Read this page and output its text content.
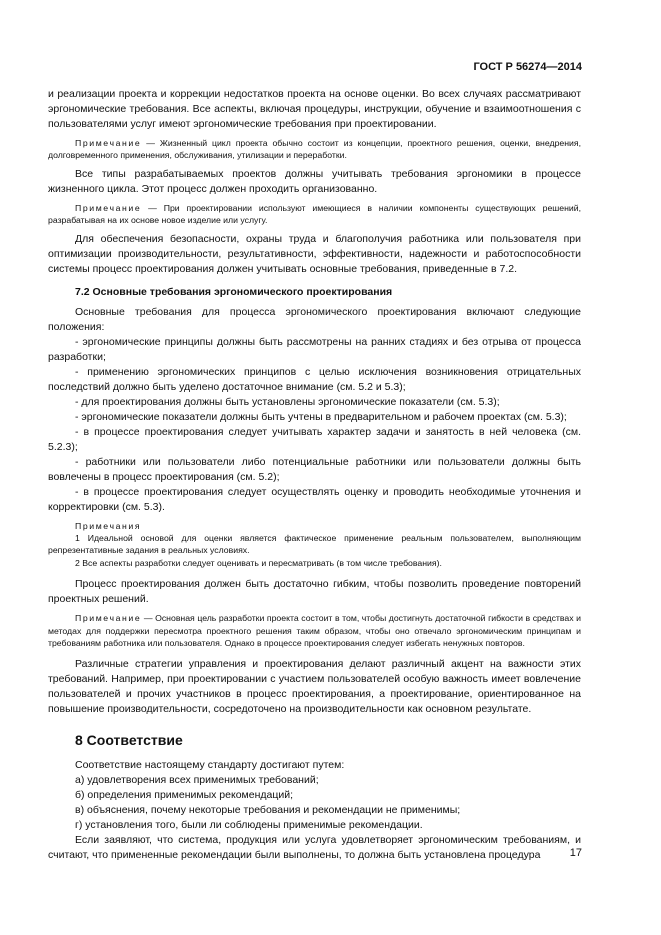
ГОСТ Р 56274—2014

и реализации проекта и коррекции недостатков проекта на основе оценки. Во всех случаях рассматривают эргономические требования. Все аспекты, включая процедуры, инструкции, обучение и взаимоотношения с пользователями услуг имеют эргономические требования при проектировании.

Примечание — Жизненный цикл проекта обычно состоит из концепции, проектного решения, оценки, внедрения, долговременного применения, обслуживания, утилизации и переработки.

Все типы разрабатываемых проектов должны учитывать требования эргономики в процессе жизненного цикла. Этот процесс должен проходить организованно.

Примечание — При проектировании используют имеющиеся в наличии компоненты существующих решений, разрабатывая на их основе новое изделие или услугу.

Для обеспечения безопасности, охраны труда и благополучия работника или пользователя при оптимизации производительности, результативности, эффективности, надежности и работоспособности системы процесс проектирования должен учитывать основные требования, приведенные в 7.2.

7.2 Основные требования эргономического проектирования

Основные требования для процесса эргономического проектирования включают следующие положения:

- эргономические принципы должны быть рассмотрены на ранних стадиях и без отрыва от процесса разработки;

- применению эргономических принципов с целью исключения возникновения отрицательных последствий должно быть уделено достаточное внимание (см. 5.2 и 5.3);

- для проектирования должны быть установлены эргономические показатели (см. 5.3);

- эргономические показатели должны быть учтены в предварительном и рабочем проектах (см. 5.3);

- в процессе проектирования следует учитывать характер задачи и занятость в ней человека (см. 5.2.3);

- работники или пользователи либо потенциальные работники или пользователи должны быть вовлечены в процесс проектирования (см. 5.2);

- в процессе проектирования следует осуществлять оценку и проводить необходимые уточнения и корректировки (см. 5.3).

Примечания

1 Идеальной основой для оценки является фактическое применение реальным пользователем, выполняющим репрезентативные задания в реальных условиях.

2 Все аспекты разработки следует оценивать и пересматривать (в том числе требования).

Процесс проектирования должен быть достаточно гибким, чтобы позволить проведение повторений проектных решений.

Примечание — Основная цель разработки проекта состоит в том, чтобы достигнуть достаточной гибкости в средствах и методах для поддержки пересмотра проектного решения таким образом, чтобы оно отвечало эргономическим принципам и требованиям работника или пользователя. Однако в процессе проектирования следует избегать ненужных повторов.

Различные стратегии управления и проектирования делают различный акцент на важности этих требований. Например, при проектировании с участием пользователей особую важность имеет вовлечение пользователей и прочих участников в процесс проектирования, а проектирование, ориентированное на повышение производительности, сосредоточено на производительности как основном результате.

8 Соответствие

Соответствие настоящему стандарту достигают путем:

а) удовлетворения всех применимых требований;

б) определения применимых рекомендаций;

в) объяснения, почему некоторые требования и рекомендации не применимы;

г) установления того, были ли соблюдены применимые рекомендации.

Если заявляют, что система, продукция или услуга удовлетворяет эргономическим требованиям, и считают, что примененные рекомендации были выполнены, то должна быть установлена процедура	17
